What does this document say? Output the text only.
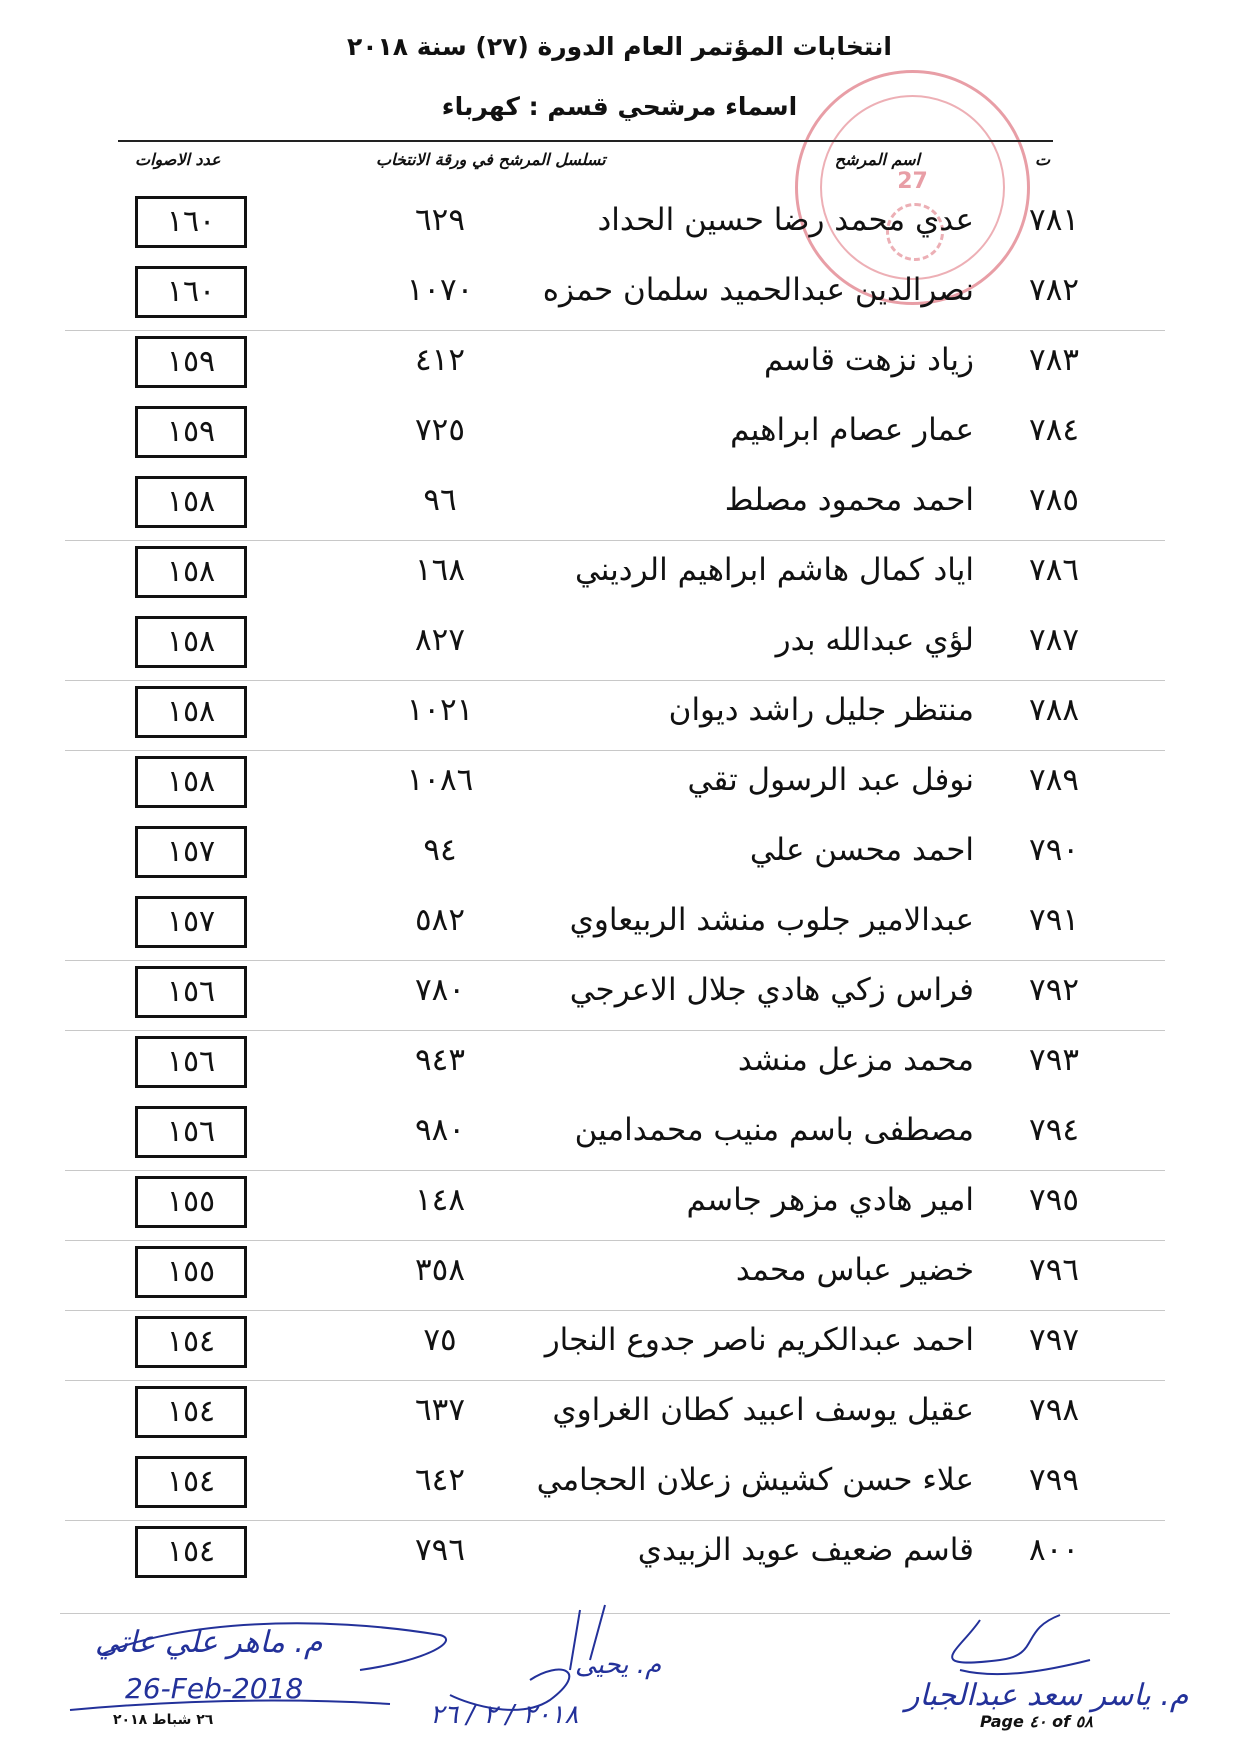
انتخابات المؤتمر العام الدورة (٢٧) سنة ٢٠١٨
اسماء مرشحي قسم : كهرباء
27
ت
اسم المرشح
تسلسل المرشح في ورقة الانتخاب
عدد الاصوات
٧٨١
عدي محمد رضا حسين الحداد
٦٢٩
١٦٠
٧٨٢
نصرالدين عبدالحميد سلمان حمزه
١٠٧٠
١٦٠
٧٨٣
زياد نزهت قاسم
٤١٢
١٥٩
٧٨٤
عمار عصام ابراهيم
٧٢٥
١٥٩
٧٨٥
احمد محمود مصلط
٩٦
١٥٨
٧٨٦
اياد كمال هاشم ابراهيم الرديني
١٦٨
١٥٨
٧٨٧
لؤي عبدالله بدر
٨٢٧
١٥٨
٧٨٨
منتظر جليل راشد ديوان
١٠٢١
١٥٨
٧٨٩
نوفل عبد الرسول تقي
١٠٨٦
١٥٨
٧٩٠
احمد محسن علي
٩٤
١٥٧
٧٩١
عبدالامير جلوب منشد الربيعاوي
٥٨٢
١٥٧
٧٩٢
فراس زكي هادي جلال الاعرجي
٧٨٠
١٥٦
٧٩٣
محمد مزعل منشد
٩٤٣
١٥٦
٧٩٤
مصطفى باسم منيب محمدامين
٩٨٠
١٥٦
٧٩٥
امير هادي مزهر جاسم
١٤٨
١٥٥
٧٩٦
خضير عباس محمد
٣٥٨
١٥٥
٧٩٧
احمد عبدالكريم ناصر جدوع النجار
٧٥
١٥٤
٧٩٨
عقيل يوسف اعبيد كطان الغراوي
٦٣٧
١٥٤
٧٩٩
علاء حسن كشيش زعلان الحجامي
٦٤٢
١٥٤
٨٠٠
قاسم ضعيف عويد الزبيدي
٧٩٦
١٥٤
م. ماهر علي عاتي
26-Feb-2018
٢٦ شباط ٢٠١٨
م. يحيى
٢٠١٨ / ٢ / ٢٦
م. ياسر سعد عبدالجبار
Page ٤٠ of ٥٨
